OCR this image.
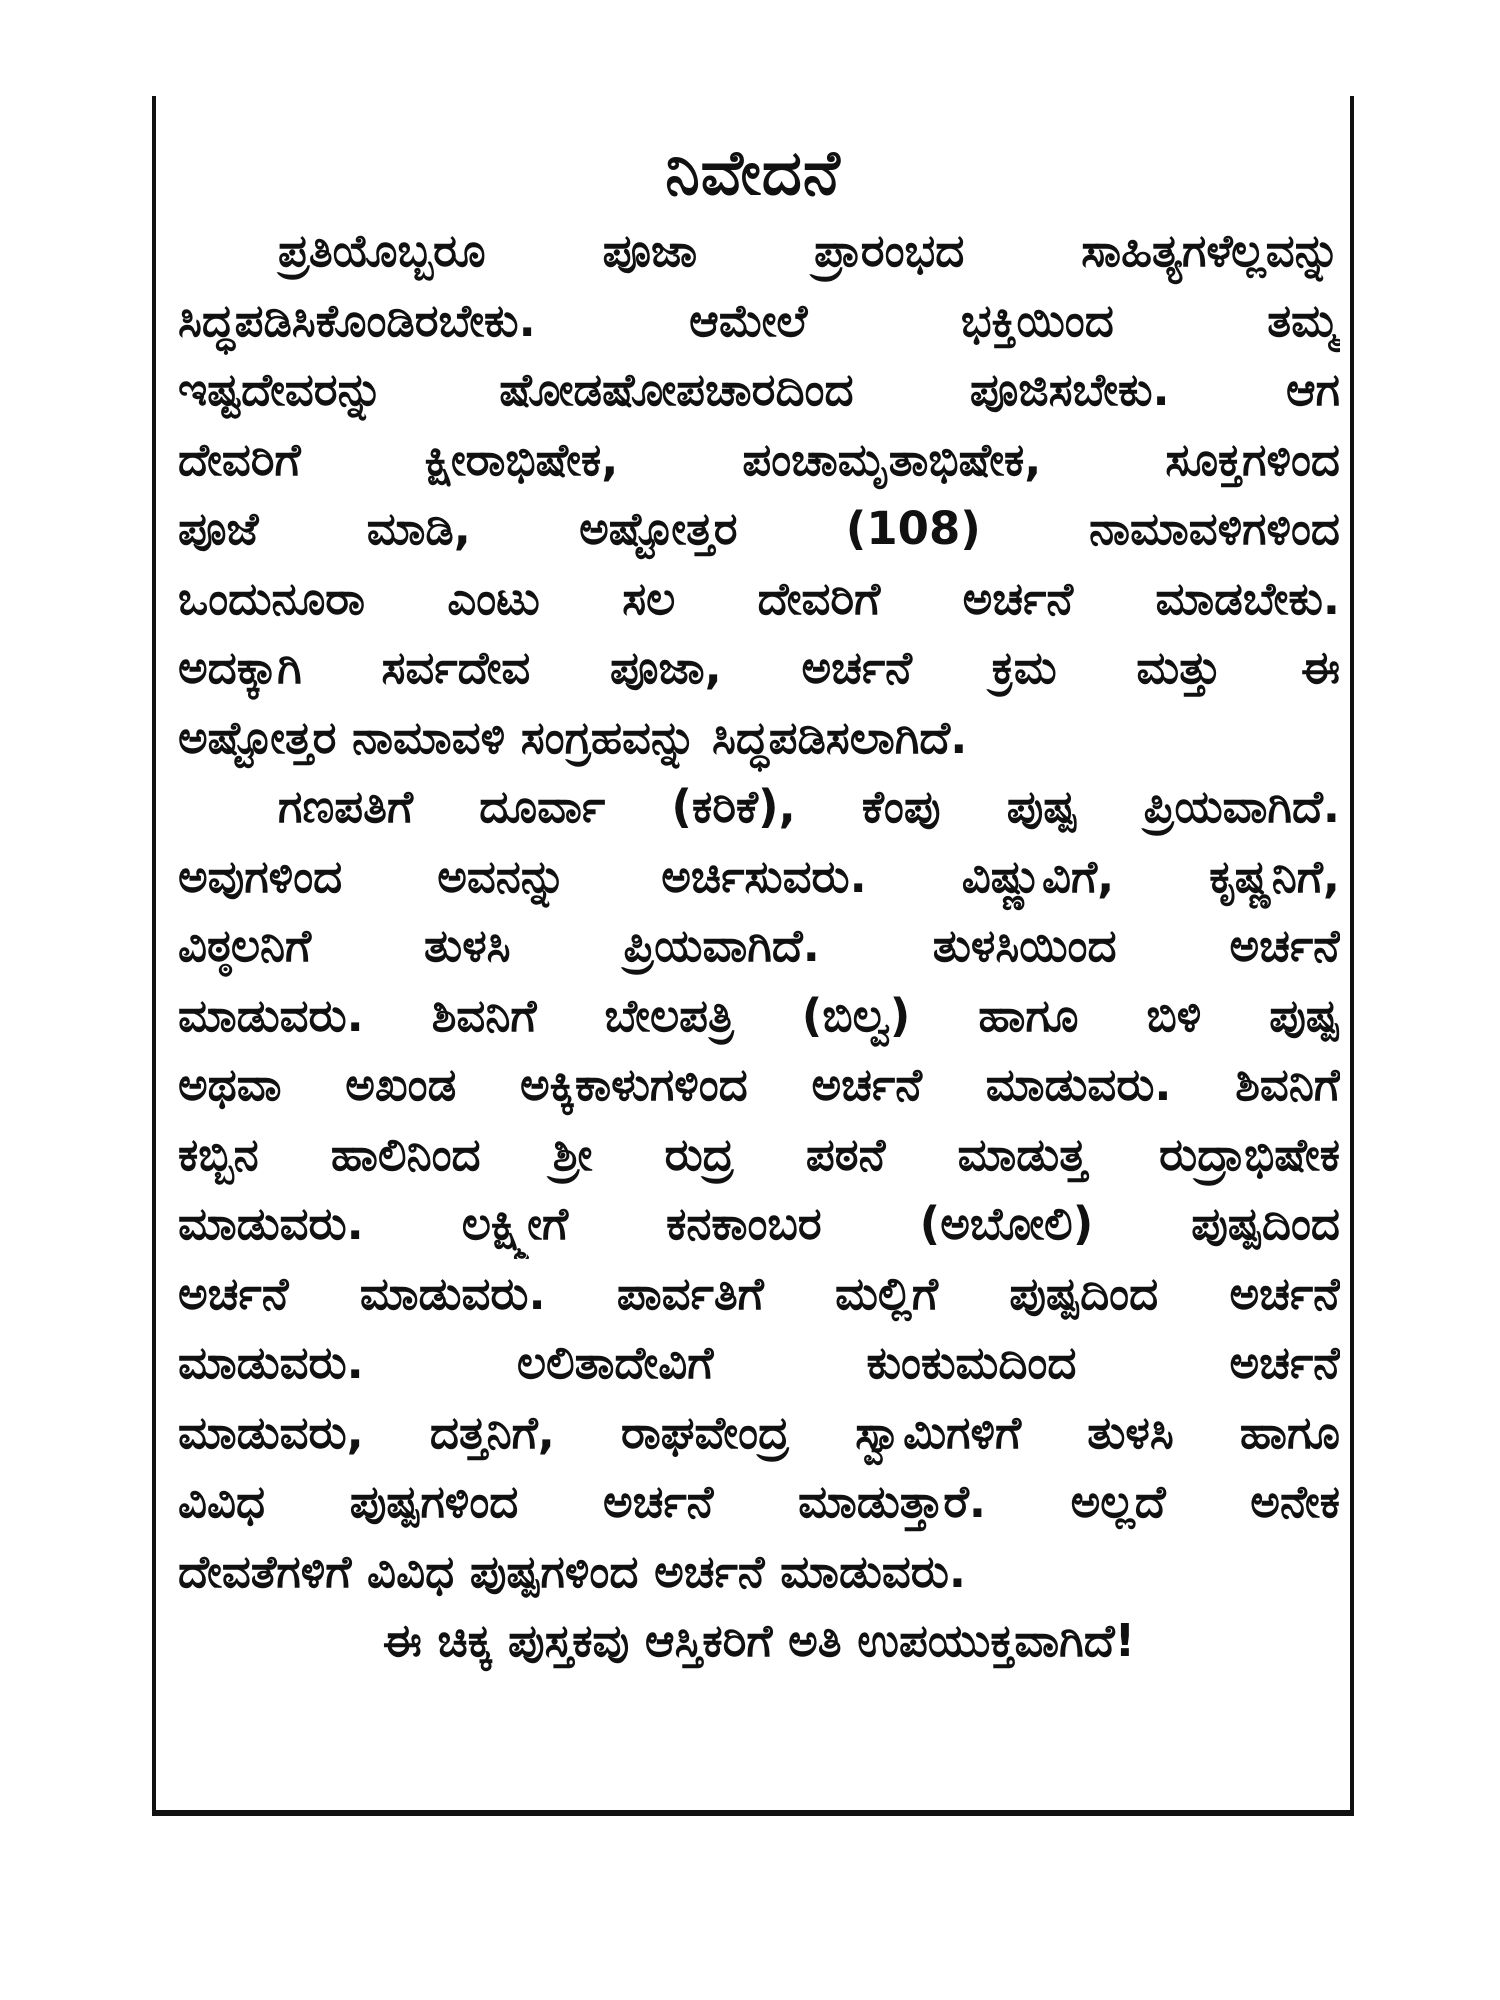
ನಿವೇದನೆ
ಪ್ರತಿಯೊಬ್ಬರೂ ಪೂಜಾ ಪ್ರಾರಂಭದ ಸಾಹಿತ್ಯಗಳೆಲ್ಲವನ್ನು
ಸಿದ್ಧಪಡಿಸಿಕೊಂಡಿರಬೇಕು. ಆಮೇಲೆ ಭಕ್ತಿಯಿಂದ ತಮ್ಮ
ಇಷ್ಟದೇವರನ್ನು ಷೋಡಷೋಪಚಾರದಿಂದ ಪೂಜಿಸಬೇಕು. ಆಗ
ದೇವರಿಗೆ ಕ್ಷೀರಾಭಿಷೇಕ, ಪಂಚಾಮೃತಾಭಿಷೇಕ, ಸೂಕ್ತಗಳಿಂದ
ಪೂಜೆ ಮಾಡಿ, ಅಷ್ಟೋತ್ತರ (108) ನಾಮಾವಳಿಗಳಿಂದ
ಒಂದುನೂರಾ ಎಂಟು ಸಲ ದೇವರಿಗೆ ಅರ್ಚನೆ ಮಾಡಬೇಕು.
ಅದಕ್ಕಾಗಿ ಸರ್ವದೇವ ಪೂಜಾ, ಅರ್ಚನೆ ಕ್ರಮ ಮತ್ತು ಈ
ಅಷ್ಟೋತ್ತರ ನಾಮಾವಳಿ ಸಂಗ್ರಹವನ್ನು ಸಿದ್ಧಪಡಿಸಲಾಗಿದೆ.
ಗಣಪತಿಗೆ ದೂರ್ವಾ (ಕರಿಕೆ), ಕೆಂಪು ಪುಷ್ಪ ಪ್ರಿಯವಾಗಿದೆ.
ಅವುಗಳಿಂದ ಅವನನ್ನು ಅರ್ಚಿಸುವರು. ವಿಷ್ಣುವಿಗೆ, ಕೃಷ್ಣನಿಗೆ,
ವಿಠ್ಠಲನಿಗೆ ತುಳಸಿ ಪ್ರಿಯವಾಗಿದೆ. ತುಳಸಿಯಿಂದ ಅರ್ಚನೆ
ಮಾಡುವರು. ಶಿವನಿಗೆ ಬೇಲಪತ್ರಿ (ಬಿಲ್ವ) ಹಾಗೂ ಬಿಳಿ ಪುಷ್ಪ
ಅಥವಾ ಅಖಂಡ ಅಕ್ಕಿಕಾಳುಗಳಿಂದ ಅರ್ಚನೆ ಮಾಡುವರು. ಶಿವನಿಗೆ
ಕಬ್ಬಿನ ಹಾಲಿನಿಂದ ಶ್ರೀ ರುದ್ರ ಪಠನೆ ಮಾಡುತ್ತ ರುದ್ರಾಭಿಷೇಕ
ಮಾಡುವರು. ಲಕ್ಷ್ಮೀಗೆ ಕನಕಾಂಬರ (ಅಬೋಲಿ) ಪುಷ್ಪದಿಂದ
ಅರ್ಚನೆ ಮಾಡುವರು. ಪಾರ್ವತಿಗೆ ಮಲ್ಲಿಗೆ ಪುಷ್ಪದಿಂದ ಅರ್ಚನೆ
ಮಾಡುವರು. ಲಲಿತಾದೇವಿಗೆ ಕುಂಕುಮದಿಂದ ಅರ್ಚನೆ
ಮಾಡುವರು, ದತ್ತನಿಗೆ, ರಾಘವೇಂದ್ರ ಸ್ವಾಮಿಗಳಿಗೆ ತುಳಸಿ ಹಾಗೂ
ವಿವಿಧ ಪುಷ್ಪಗಳಿಂದ ಅರ್ಚನೆ ಮಾಡುತ್ತಾರೆ. ಅಲ್ಲದೆ ಅನೇಕ
ದೇವತೆಗಳಿಗೆ ವಿವಿಧ ಪುಷ್ಪಗಳಿಂದ ಅರ್ಚನೆ ಮಾಡುವರು.
ಈ ಚಿಕ್ಕ ಪುಸ್ತಕವು ಆಸ್ತಿಕರಿಗೆ ಅತಿ ಉಪಯುಕ್ತವಾಗಿದೆ!
